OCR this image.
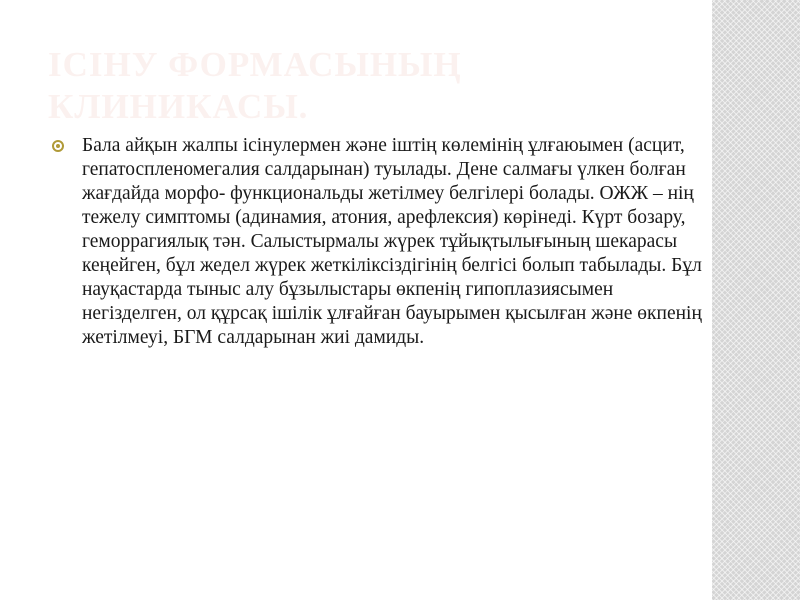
ІСІНУ ФОРМАСЫНЫҢ КЛИНИКАСЫ.

Бала айқын жалпы ісінулермен және іштің көлемінің ұлғаюымен (асцит, гепатоспленомегалия салдарынан) туылады. Дене салмағы үлкен болған жағдайда морфо- функциональды жетілмеу белгілері болады. ОЖЖ – нің тежелу симптомы (адинамия, атония, арефлексия) көрінеді. Күрт бозару, геморрагиялық тән. Салыстырмалы жүрек тұйықтылығының шекарасы кеңейген, бұл жедел жүрек жеткіліксіздігінің белгісі болып табылады. Бұл науқастарда тыныс алу бұзылыстары өкпенің гипоплазиясымен негізделген, ол құрсақ ішілік ұлғайған бауырымен қысылған және өкпенің жетілмеуі, БГМ салдарынан жиі дамиды.
